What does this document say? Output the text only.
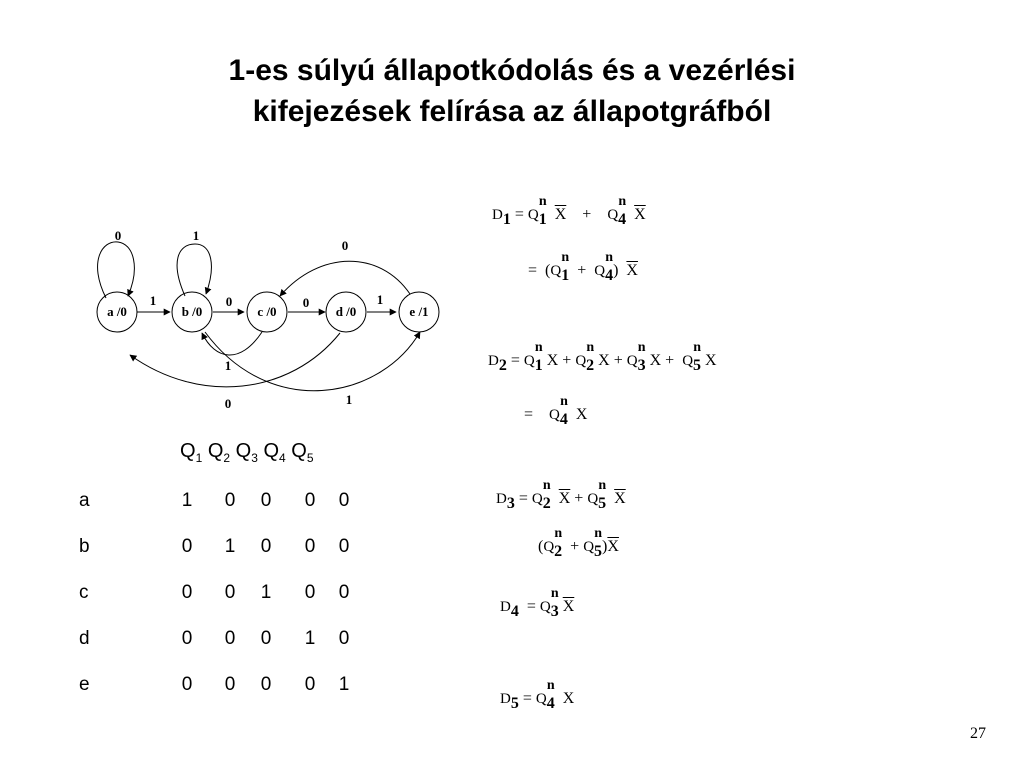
1-es súlyú állapotkódolás és a vezérlési
kifejezések felírása az állapotgráfból
a /0	b /0	c /0	d /0	e /1
0	1
1	0	0	1
0
1
0	1
$Q_1$ $Q_2$ $Q_3$ $Q_4$ $Q_5$
a	1 0 0 0 0
b	0 1 0 0 0
c	0 0 1 0 0
d	0 0 0 1 0
e	0 0 0 0 1
D1 = Q1
n
$\overline{X} + Q4$
n
$\overline{X}$
= (Q1
n
+ Q4
n
) $\overline{X}$
D2 = Q1
n
X + Q2
n
X + Q3
n
X + Q5
n
X
= Q4
n
X
D3 = Q2
n
$\overline{X} + Q5$
n
$\overline{X}$
(Q2
n
+ Q5
n
)$\overline{X}$
D4 = Q3
n
$\overline{X}$
D5 = Q4
n
X
27
